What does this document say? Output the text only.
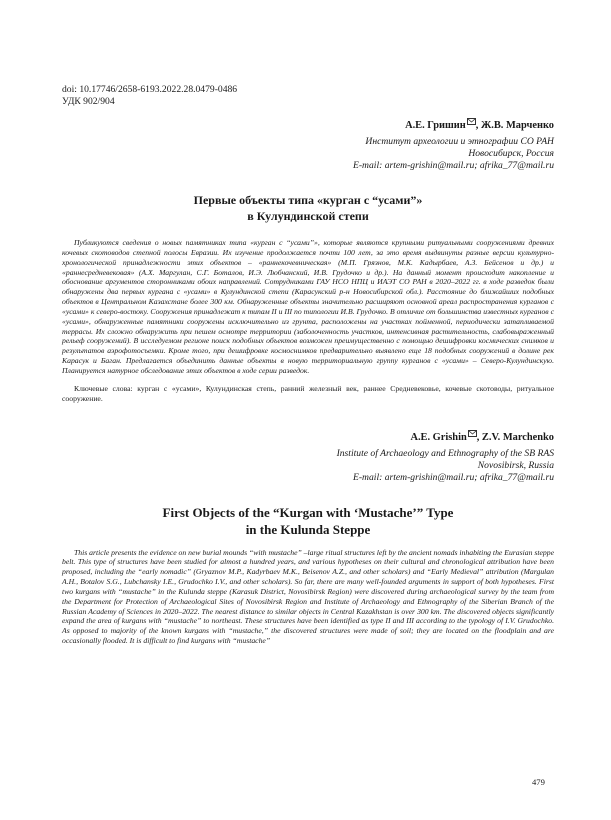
doi: 10.17746/2658-6193.2022.28.0479-0486
УДК 902/904
А.Е. Гришин , Ж.В. Марченко
Институт археологии и этнографии СО РАН
Новосибирск, Россия
E-mail: artem-grishin@mail.ru; afrika_77@mail.ru
Первые объекты типа «курган с “усами”»
в Кулундинской степи
Публикуются сведения о новых памятниках типа «курган с “усами”», которые являются крупными ритуальными сооружениями древних кочевых скотоводов степной полосы Евразии. Их изучение продолжается почти 100 лет, за это время выдвинуты разные версии культурно-хронологической принадлежности этих объектов – «раннекочевническая» (М.П. Грязнов, М.К. Кадырбаев, А.З. Бейсенов и др.) и «раннесредневековая» (А.Х. Маргулан, С.Г. Боталов, И.Э. Любчанский, И.В. Грудочко и др.). На данный момент происходит накопление и обоснование аргументов сторонниками обоих направлений. Сотрудниками ГАУ НСО НПЦ и ИАЭТ СО РАН в 2020–2022 гг. в ходе разведок были обнаружены два первых кургана с «усами» в Кулундинской степи (Карасукский р-н Новосибирской обл.). Расстояние до ближайших подобных объектов в Центральном Казахстане более 300 км. Обнаруженные объекты значительно расширяют основной ареал распространения курганов с «усами» к северо-востоку. Сооружения принадлежат к типам II и III по типологии И.В. Грудочко. В отличие от большинства известных курганов с «усами», обнаруженные памятники сооружены исключительно из грунта, расположены на участках пойменной, периодически затапливаемой террасы. Их сложно обнаружить при пешем осмотре территории (заболоченность участков, интенсивная растительность, слабовыраженный рельеф сооружений). В исследуемом регионе поиск подобных объектов возможен преимущественно с помощью дешифровки космических снимков и результатов аэрофотосъемки. Кроме того, при дешифровке космоснимков предварительно выявлено еще 18 подобных сооружений в долине рек Карасук и Баган. Предлагается объединить данные объекты в новую территориальную группу курганов с «усами» – Северо-Кулундинскую. Планируется натурное обследование этих объектов в ходе серии разведок.
Ключевые слова: курган с «усами», Кулундинская степь, ранний железный век, раннее Средневековье, кочевые скотоводы, ритуальное сооружение.
A.E. Grishin , Z.V. Marchenko
Institute of Archaeology and Ethnography of the SB RAS
Novosibirsk, Russia
E-mail: artem-grishin@mail.ru; afrika_77@mail.ru
First Objects of the “Kurgan with ‘Mustache’” Type
in the Kulunda Steppe
This article presents the evidence on new burial mounds “with mustache” –large ritual structures left by the ancient nomads inhabiting the Eurasian steppe belt. This type of structures have been studied for almost a hundred years, and various hypotheses on their cultural and chronological attribution have been proposed, including the “early nomadic” (Gryaznov M.P., Kadyrbaev M.K., Beisenov A.Z., and other scholars) and “Early Medieval” attribution (Margulan A.H., Botalov S.G., Lubchansky I.E., Grudochko I.V., and other scholars). So far, there are many well-founded arguments in support of both hypotheses. First two kurgans with “mustache” in the Kulunda steppe (Karasuk District, Novosibirsk Region) were discovered during archaeological survey by the team from the Department for Protection of Archaeological Sites of Novosibirsk Region and Institute of Archaeology and Ethnography of the Siberian Branch of the Russian Academy of Sciences in 2020–2022. The nearest distance to similar objects in Central Kazakhstan is over 300 km. The discovered objects significantly expand the area of kurgans with “mustache” to northeast. These structures have been identified as type II and III according to the typology of I.V. Grudochko. As opposed to majority of the known kurgans with “mustache,” the discovered structures were made of soil; they are located on the floodplain and are occasionally flooded. It is difficult to find kurgans with “mustache”
479
